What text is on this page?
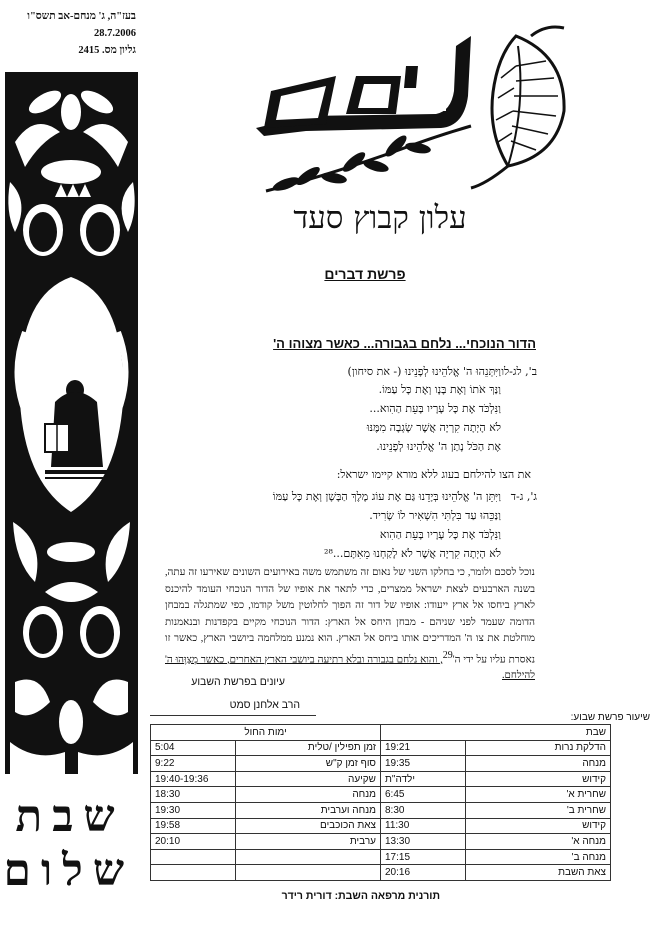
בעז"ה, ג' מנחם-אב תשס"ו
28.7.2006
גליון מס. 2415
שבת
שלום
עלון קבוץ סעד
פרשת דברים
הדור הנוכחי... נלחם בגבורה... כאשר מצוהו ה'
ב', לג-לו
וַיִּתְּנֵהוּ ה' אֱלֹהֵינוּ לְפָנֵינוּ (- את סיחון)
וַנַּךְ אֹתוֹ וְאֶת בָּנָו וְאֶת כָּל עַמּוֹ.
וַנִּלְכֹּד אֶת כָּל עָרָיו בָּעֵת הַהִוא...
לֹא הָיְתָה קִרְיָה אֲשֶׁר שָׂגְבָה מִמֶּנּוּ
אֶת הַכֹּל נָתַן ה' אֱלֹהֵינוּ לְפָנֵינוּ.
את הצו להילחם בעוג ללא מורא קיימו ישראל:
ג', ג-ד
וַיִּתֵּן ה' אֱלֹהֵינוּ בְּיָדֵנוּ גַּם אֶת עוֹג מֶלֶךְ הַבָּשָׁן וְאֶת כָּל עַמּוֹ
וַנַּכֵּהוּ עַד בִּלְתִּי הִשְׁאִיר לוֹ שָׂרִיד.
וַנִּלְכֹּד אֶת כָּל עָרָיו בָּעֵת הַהִוא
לֹא הָיְתָה קִרְיָה אֲשֶׁר לֹא לָקַחְנוּ מֵאִתָּם...²⁸
נוכל לסכם ולומר, כי בחלקו השני של נאום זה משתמש משה באירועים השונים שאירעו זה עתה, בשנה הארבעים לצאת ישראל ממצרים, כדי לתאר את אופיו של הדור הנוכחי העומד להיכנס לארץ ביחסו אל ארץ ייעודו: אופיו של דור זה הפוך לחלוטין משל קודמו, כפי שמתגלה במבחן הדומה שעמד לפני שניהם - מבחן היחס אל הארץ: הדור הנוכחי מקיים בקפדנות ובנאמנות מוחלטת את צו ה' המדריכים אותו ביחס אל הארץ. הוא נמנע ממלחמה ביושבי הארץ, כאשר זו נאסרת עליו על ידי $ה'^{29}$, והוא נלחם בגבורה ובלא רתיעה ביושבי הארץ האחרים, כאשר מְצַוֶּהוּ ה' להילחם.
עיונים בפרשת השבוע
הרב אלחנן סמט
שיעור פרשת שבוע:
ימות החול		שבת	
5:04	זמן תפילין /טלית	19:21	הדלקת נרות
9:22	סוף זמן ק"ש	19:35	מנחה
19:40-19:36	שקיעה	ילדה"ת	קידוש
18:30	מנחה	6:45	שחרית א'
19:30	מנחה וערבית	8:30	שחרית ב'
19:58	צאת הכוכבים	11:30	קידוש
20:10	ערבית	13:30	מנחה א'
		17:15	מנחה ב'
		20:16	צאת השבת
תורנית מרפאה השבת: דורית רידר
